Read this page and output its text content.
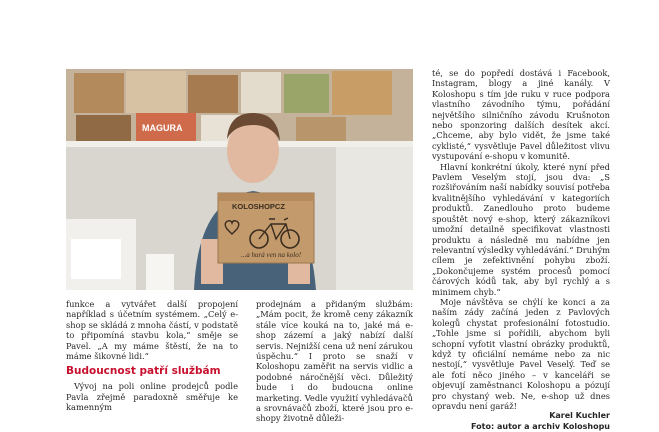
MAGURA
KOLOSHOPCZ
...a hurá ven na kolo!

funkce a vytvářet další propojení například s účetním systémem. „Celý e-shop se skládá z mnoha částí, v podstatě to připomíná stavbu kola,“ směje se Pavel. „A my máme štěstí, že na to máme šikovné lidi.“

Budoucnost patří službám

Vývoj na poli online prodejců podle Pavla zřejmě paradoxně směřuje ke kamenným

prodejnám a přidaným službám: „Mám pocit, že kromě ceny zákazník stále více kouká na to, jaké má e-shop zázemí a jaký nabízí další servis. Nejnižší cena už není zárukou úspěchu.“ I proto se snaží v Koloshopu zaměřit na servis vidlic a podobné náročnější věci. Důležitý bude i do budoucna online marketing. Vedle využití vyhledávačů a srovnávačů zboží, které jsou pro e-shopy životně důleži-

té, se do popředí dostává i Facebook, Instagram, blogy a jiné kanály. V Koloshopu s tím jde ruku v ruce podpora vlastního závodního týmu, pořádání největšího silničního závodu Krušnoton nebo sponzoring dalších desítek akcí. „Chceme, aby bylo vidět, že jsme také cyklisté,“ vysvětluje Pavel důležitost vlivu vystupování e-shopu v komunitě.

Hlavní konkrétní úkoly, které nyní před Pavlem Veselým stojí, jsou dva: „S rozšiřováním naší nabídky souvisí potřeba kvalitnějšího vyhledávání v kategoriích produktů. Zanedlouho proto budeme spouštět nový e-shop, který zákazníkovi umožní detailně specifikovat vlastnosti produktu a následně mu nabídne jen relevantní výsledky vyhledávání.“ Druhým cílem je zefektivnění pohybu zboží. „Dokončujeme systém procesů pomocí čárových kódů tak, aby byl rychlý a s minimem chyb.“

Moje návštěva se chýlí ke konci a za naším zády začíná jeden z Pavlových kolegů chystat profesionální fotostudio. „Tohle jsme si pořídili, abychom byli schopní vyfotit vlastní obrázky produktů, když ty oficiální nemáme nebo za nic nestojí,“ vysvětluje Pavel Veselý. Teď se ale fotí něco jiného – v kanceláři se objevují zaměstnanci Koloshopu a pózují pro chystaný web. Ne, e-shop už dnes opravdu není garáž!

Karel Kuchler
Foto: autor a archiv Koloshopu
